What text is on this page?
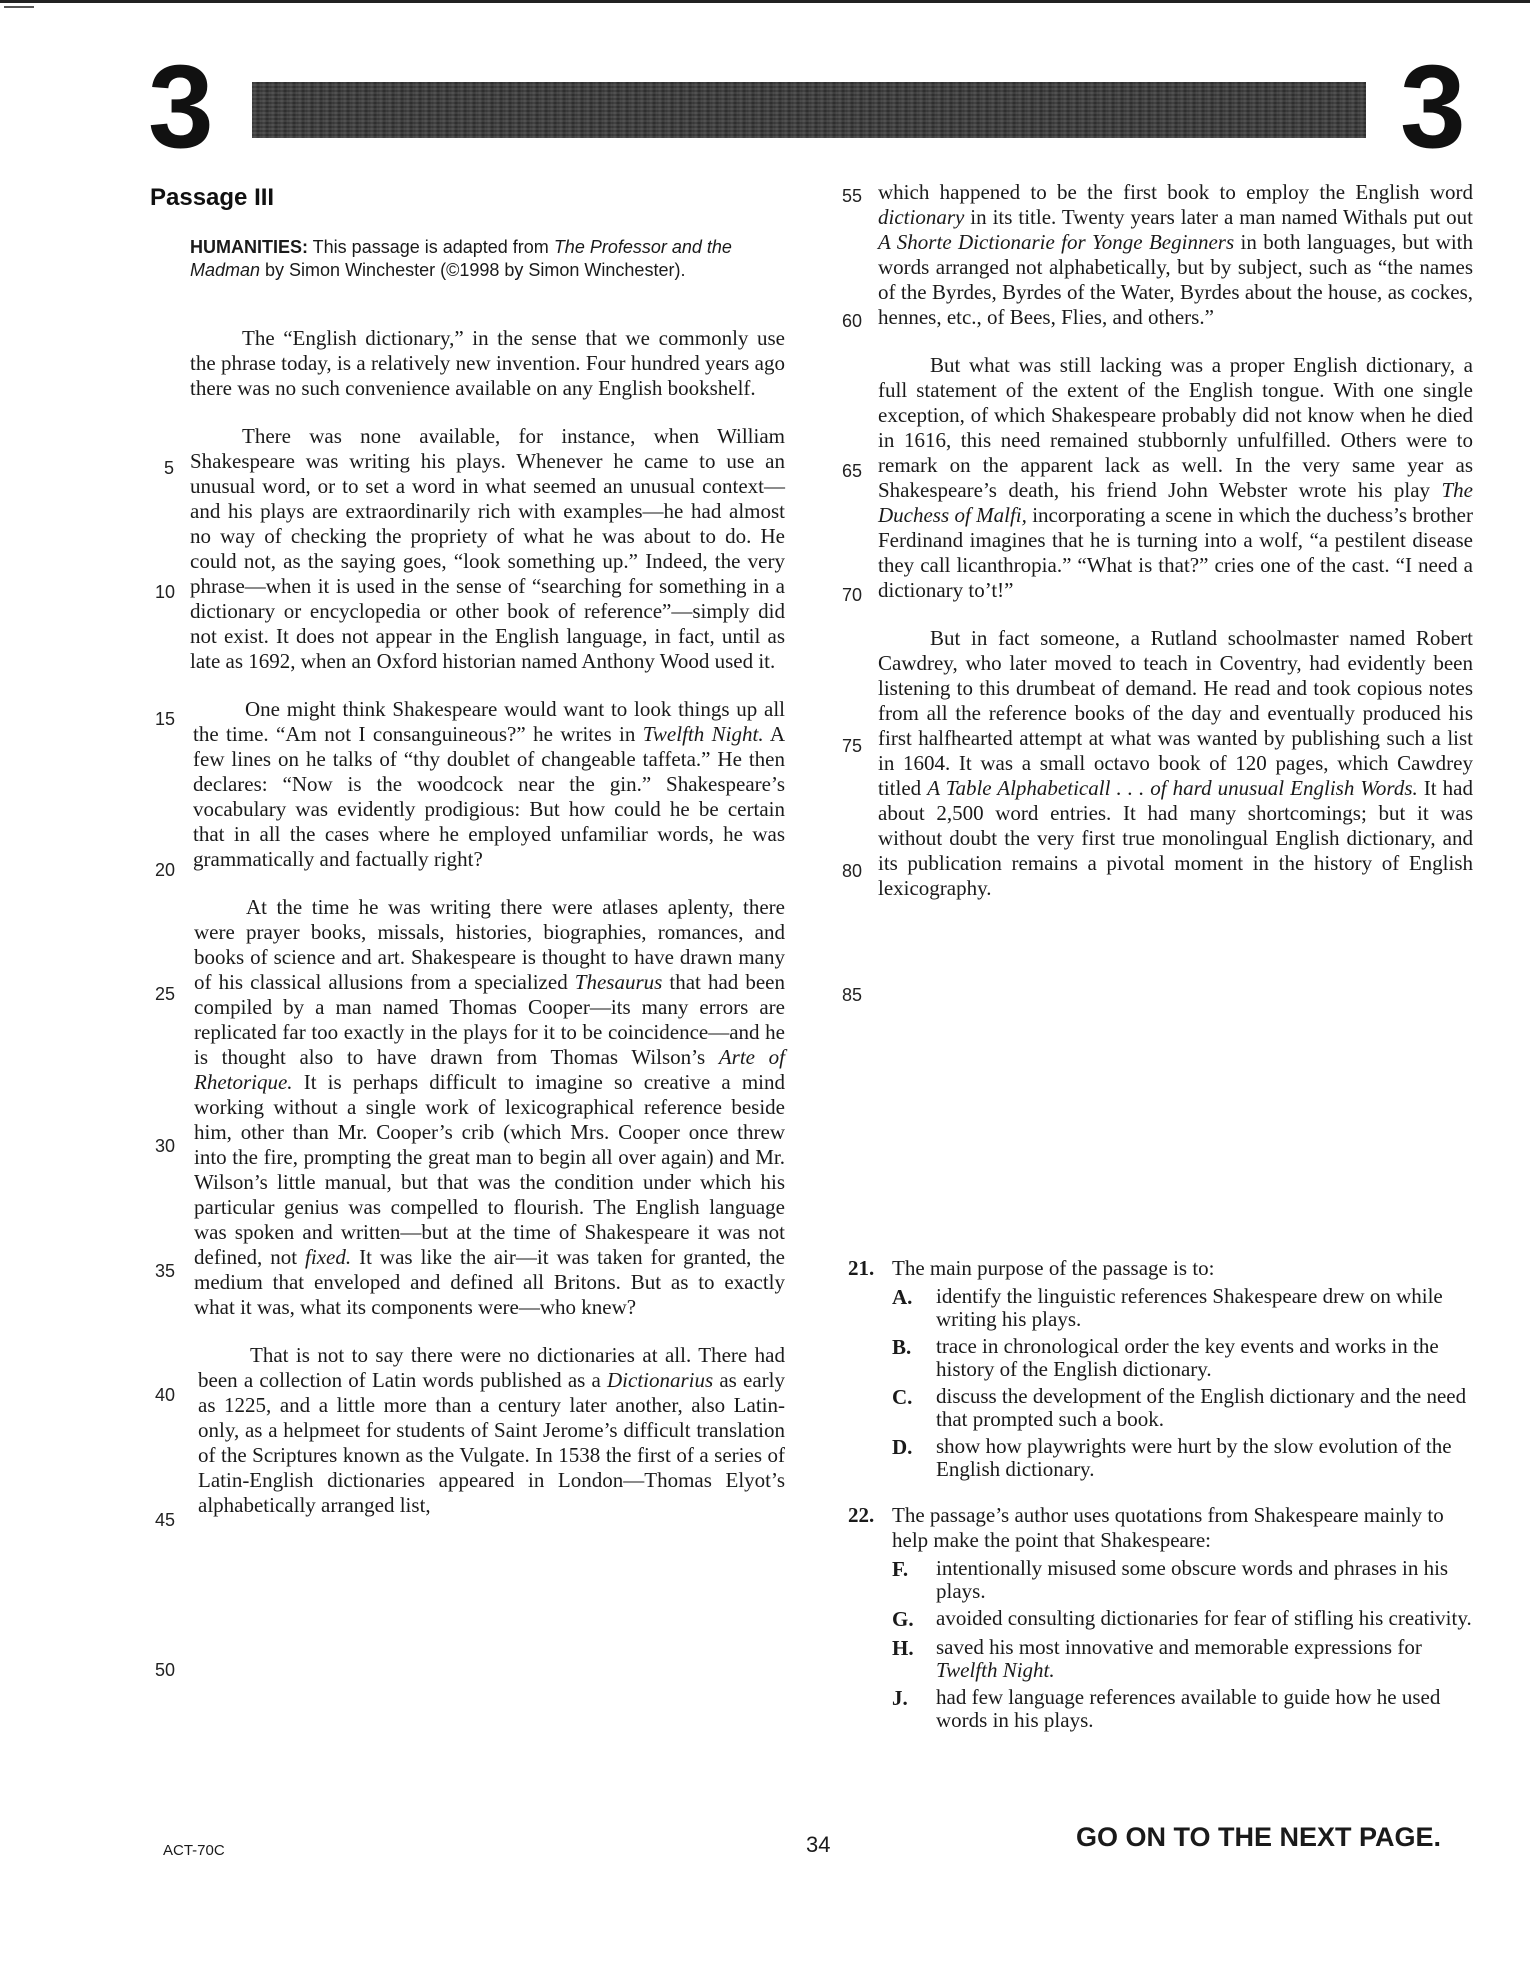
3	3
Passage III
HUMANITIES: This passage is adapted from The Professor and the Madman by Simon Winchester (©1998 by Simon Winchester).

The “English dictionary,” in the sense that we commonly use the phrase today, is a relatively new invention. Four hundred years ago there was no such convenience available on any English bookshelf.

There was none available, for instance, when William Shakespeare was writing his plays. Whenever he came to use an unusual word, or to set a word in what seemed an unusual context—and his plays are extraordinarily rich with examples—he had almost no way of checking the propriety of what he was about to do. He could not, as the saying goes, “look something up.” Indeed, the very phrase—when it is used in the sense of “searching for something in a dictionary or encyclopedia or other book of reference”—simply did not exist. It does not appear in the English language, in fact, until as late as 1692, when an Oxford historian named Anthony Wood used it.

One might think Shakespeare would want to look things up all the time. “Am not I consanguineous?” he writes in Twelfth Night. A few lines on he talks of “thy doublet of changeable taffeta.” He then declares: “Now is the woodcock near the gin.” Shakespeare’s vocabulary was evidently prodigious: But how could he be certain that in all the cases where he employed unfamiliar words, he was grammatically and factually right?

At the time he was writing there were atlases aplenty, there were prayer books, missals, histories, biographies, romances, and books of science and art. Shakespeare is thought to have drawn many of his classical allusions from a specialized Thesaurus that had been compiled by a man named Thomas Cooper—its many errors are replicated far too exactly in the plays for it to be coincidence—and he is thought also to have drawn from Thomas Wilson’s Arte of Rhetorique. It is perhaps difficult to imagine so creative a mind working without a single work of lexicographical reference beside him, other than Mr. Cooper’s crib (which Mrs. Cooper once threw into the fire, prompting the great man to begin all over again) and Mr. Wilson’s little manual, but that was the condition under which his particular genius was compelled to flourish. The English language was spoken and written—but at the time of Shakespeare it was not defined, not fixed. It was like the air—it was taken for granted, the medium that enveloped and defined all Britons. But as to exactly what it was, what its components were—who knew?

That is not to say there were no dictionaries at all. There had been a collection of Latin words published as a Dictionarius as early as 1225, and a little more than a century later another, also Latin-only, as a helpmeet for students of Saint Jerome’s difficult translation of the Scriptures known as the Vulgate. In 1538 the first of a series of Latin-English dictionaries appeared in London—Thomas Elyot’s alphabetically arranged list,

5
10
15
20
25
30
35
40
45
50

which happened to be the first book to employ the English word dictionary in its title. Twenty years later a man named Withals put out A Shorte Dictionarie for Yonge Beginners in both languages, but with words arranged not alphabetically, but by subject, such as “the names of the Byrdes, Byrdes of the Water, Byrdes about the house, as cockes, hennes, etc., of Bees, Flies, and others.”

But what was still lacking was a proper English dictionary, a full statement of the extent of the English tongue. With one single exception, of which Shakespeare probably did not know when he died in 1616, this need remained stubbornly unfulfilled. Others were to remark on the apparent lack as well. In the very same year as Shakespeare’s death, his friend John Webster wrote his play The Duchess of Malfi, incorporating a scene in which the duchess’s brother Ferdinand imagines that he is turning into a wolf, “a pestilent disease they call licanthropia.” “What is that?” cries one of the cast. “I need a dictionary to’t!”

But in fact someone, a Rutland schoolmaster named Robert Cawdrey, who later moved to teach in Coventry, had evidently been listening to this drumbeat of demand. He read and took copious notes from all the reference books of the day and eventually produced his first halfhearted attempt at what was wanted by publishing such a list in 1604. It was a small octavo book of 120 pages, which Cawdrey titled A Table Alphabeticall . . . of hard unusual English Words. It had about 2,500 word entries. It had many shortcomings; but it was without doubt the very first true monolingual English dictionary, and its publication remains a pivotal moment in the history of English lexicography.

55
60
65
70
75
80
85
21. The main purpose of the passage is to:
A.	identify the linguistic references Shakespeare drew on while writing his plays.
B.	trace in chronological order the key events and works in the history of the English dictionary.
C.	discuss the development of the English dictionary and the need that prompted such a book.
D.	show how playwrights were hurt by the slow evolution of the English dictionary.
22. The passage’s author uses quotations from Shakespeare mainly to help make the point that Shakespeare:
F.	intentionally misused some obscure words and phrases in his plays.
G.	avoided consulting dictionaries for fear of stifling his creativity.
H.	saved his most innovative and memorable expressions for Twelfth Night.
J.	had few language references available to guide how he used words in his plays.
ACT-70C	34	GO ON TO THE NEXT PAGE.
